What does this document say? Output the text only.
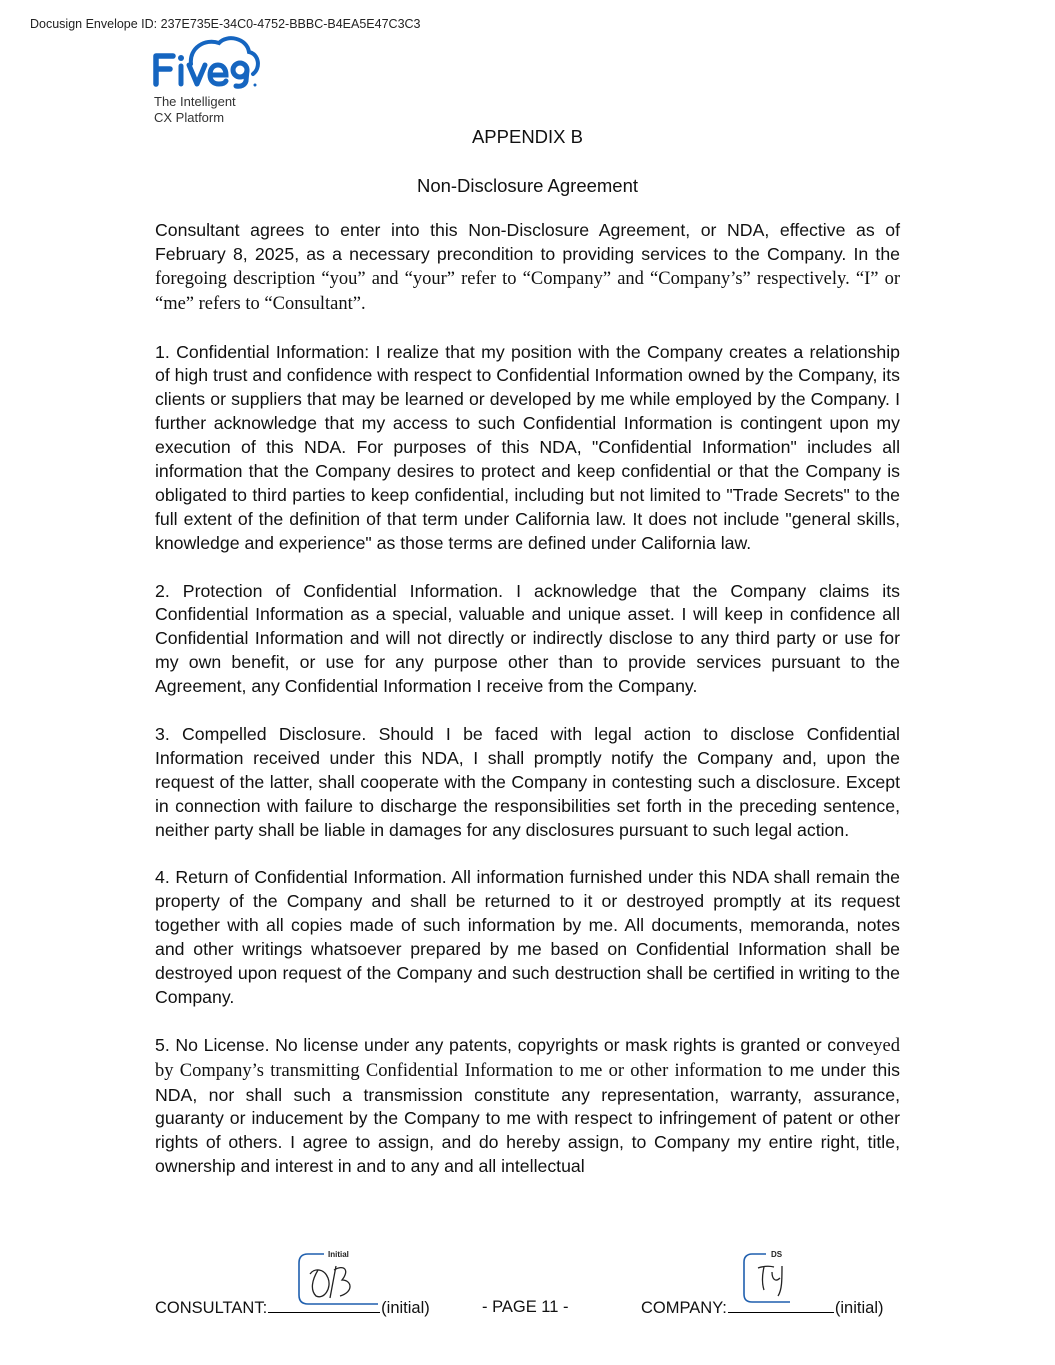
Docusign Envelope ID: 237E735E-34C0-4752-BBBC-B4EA5E47C3C3
The Intelligent
CX Platform
APPENDIX B
Non-Disclosure Agreement

Consultant agrees to enter into this Non-Disclosure Agreement, or NDA, effective as of February 8, 2025, as a necessary precondition to providing services to the Company. In the foregoing description “you” and “your” refer to “Company” and “Company’s” respectively. “I” or “me” refers to “Consultant”.

1. Confidential Information: I realize that my position with the Company creates a relationship of high trust and confidence with respect to Confidential Information owned by the Company, its clients or suppliers that may be learned or developed by me while employed by the Company. I further acknowledge that my access to such Confidential Information is contingent upon my execution of this NDA. For purposes of this NDA, "Confidential Information" includes all information that the Company desires to protect and keep confidential or that the Company is obligated to third parties to keep confidential, including but not limited to "Trade Secrets" to the full extent of the definition of that term under California law. It does not include "general skills, knowledge and experience" as those terms are defined under California law.

2. Protection of Confidential Information. I acknowledge that the Company claims its Confidential Information as a special, valuable and unique asset. I will keep in confidence all Confidential Information and will not directly or indirectly disclose to any third party or use for my own benefit, or use for any purpose other than to provide services pursuant to the Agreement, any Confidential Information I receive from the Company.

3. Compelled Disclosure. Should I be faced with legal action to disclose Confidential Information received under this NDA, I shall promptly notify the Company and, upon the request of the latter, shall cooperate with the Company in contesting such a disclosure. Except in connection with failure to discharge the responsibilities set forth in the preceding sentence, neither party shall be liable in damages for any disclosures pursuant to such legal action.

4. Return of Confidential Information. All information furnished under this NDA shall remain the property of the Company and shall be returned to it or destroyed promptly at its request together with all copies made of such information by me. All documents, memoranda, notes and other writings whatsoever prepared by me based on Confidential Information shall be destroyed upon request of the Company and such destruction shall be certified in writing to the Company.

5. No License. No license under any patents, copyrights or mask rights is granted or conveyed by Company’s transmitting Confidential Information to me or other information to me under this NDA, nor shall such a transmission constitute any representation, warranty, assurance, guaranty or inducement by the Company to me with respect to infringement of patent or other rights of others. I agree to assign, and do hereby assign, to Company my entire right, title, ownership and interest in and to any and all intellectual

Initial	DS
CONSULTANT:	(initial)	- PAGE 11 -	COMPANY:	(initial)
